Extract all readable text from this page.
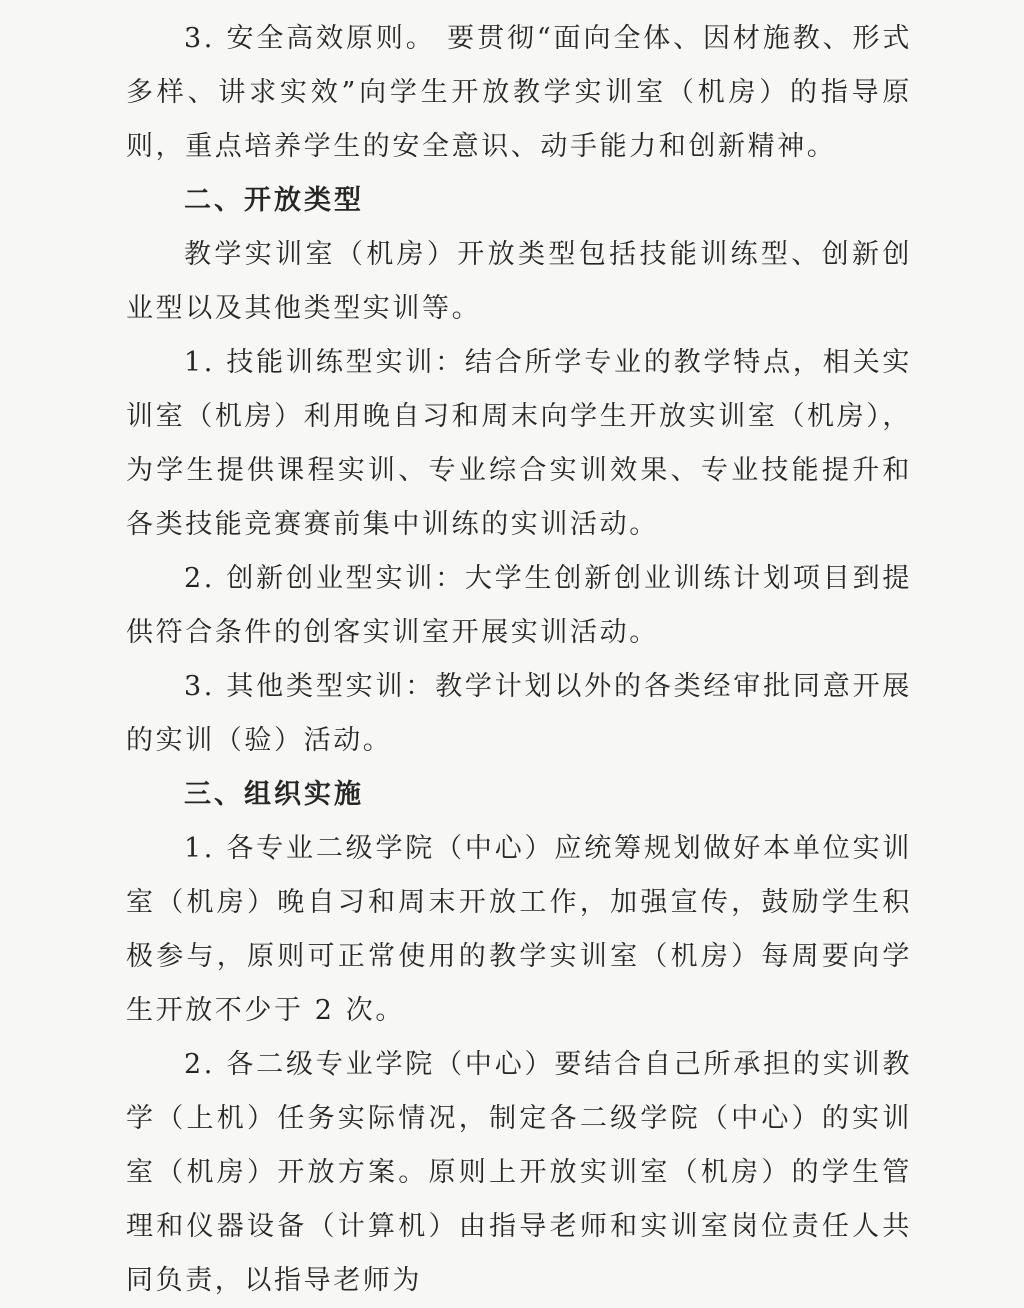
3. 安全高效原则。 要贯彻“面向全体、因材施教、形式多样、讲求实效”向学生开放教学实训室（机房）的指导原则，重点培养学生的安全意识、动手能力和创新精神。

二、开放类型

教学实训室（机房）开放类型包括技能训练型、创新创业型以及其他类型实训等。

1. 技能训练型实训：结合所学专业的教学特点，相关实训室（机房）利用晚自习和周末向学生开放实训室（机房），为学生提供课程实训、专业综合实训效果、专业技能提升和各类技能竞赛赛前集中训练的实训活动。

2. 创新创业型实训：大学生创新创业训练计划项目到提供符合条件的创客实训室开展实训活动。

3. 其他类型实训：教学计划以外的各类经审批同意开展的实训（验）活动。

三、组织实施

1. 各专业二级学院（中心）应统筹规划做好本单位实训室（机房）晚自习和周末开放工作，加强宣传，鼓励学生积极参与，原则可正常使用的教学实训室（机房）每周要向学生开放不少于 2 次。

2. 各二级专业学院（中心）要结合自己所承担的实训教学（上机）任务实际情况，制定各二级学院（中心）的实训室（机房）开放方案。原则上开放实训室（机房）的学生管理和仪器设备（计算机）由指导老师和实训室岗位责任人共同负责，以指导老师为
